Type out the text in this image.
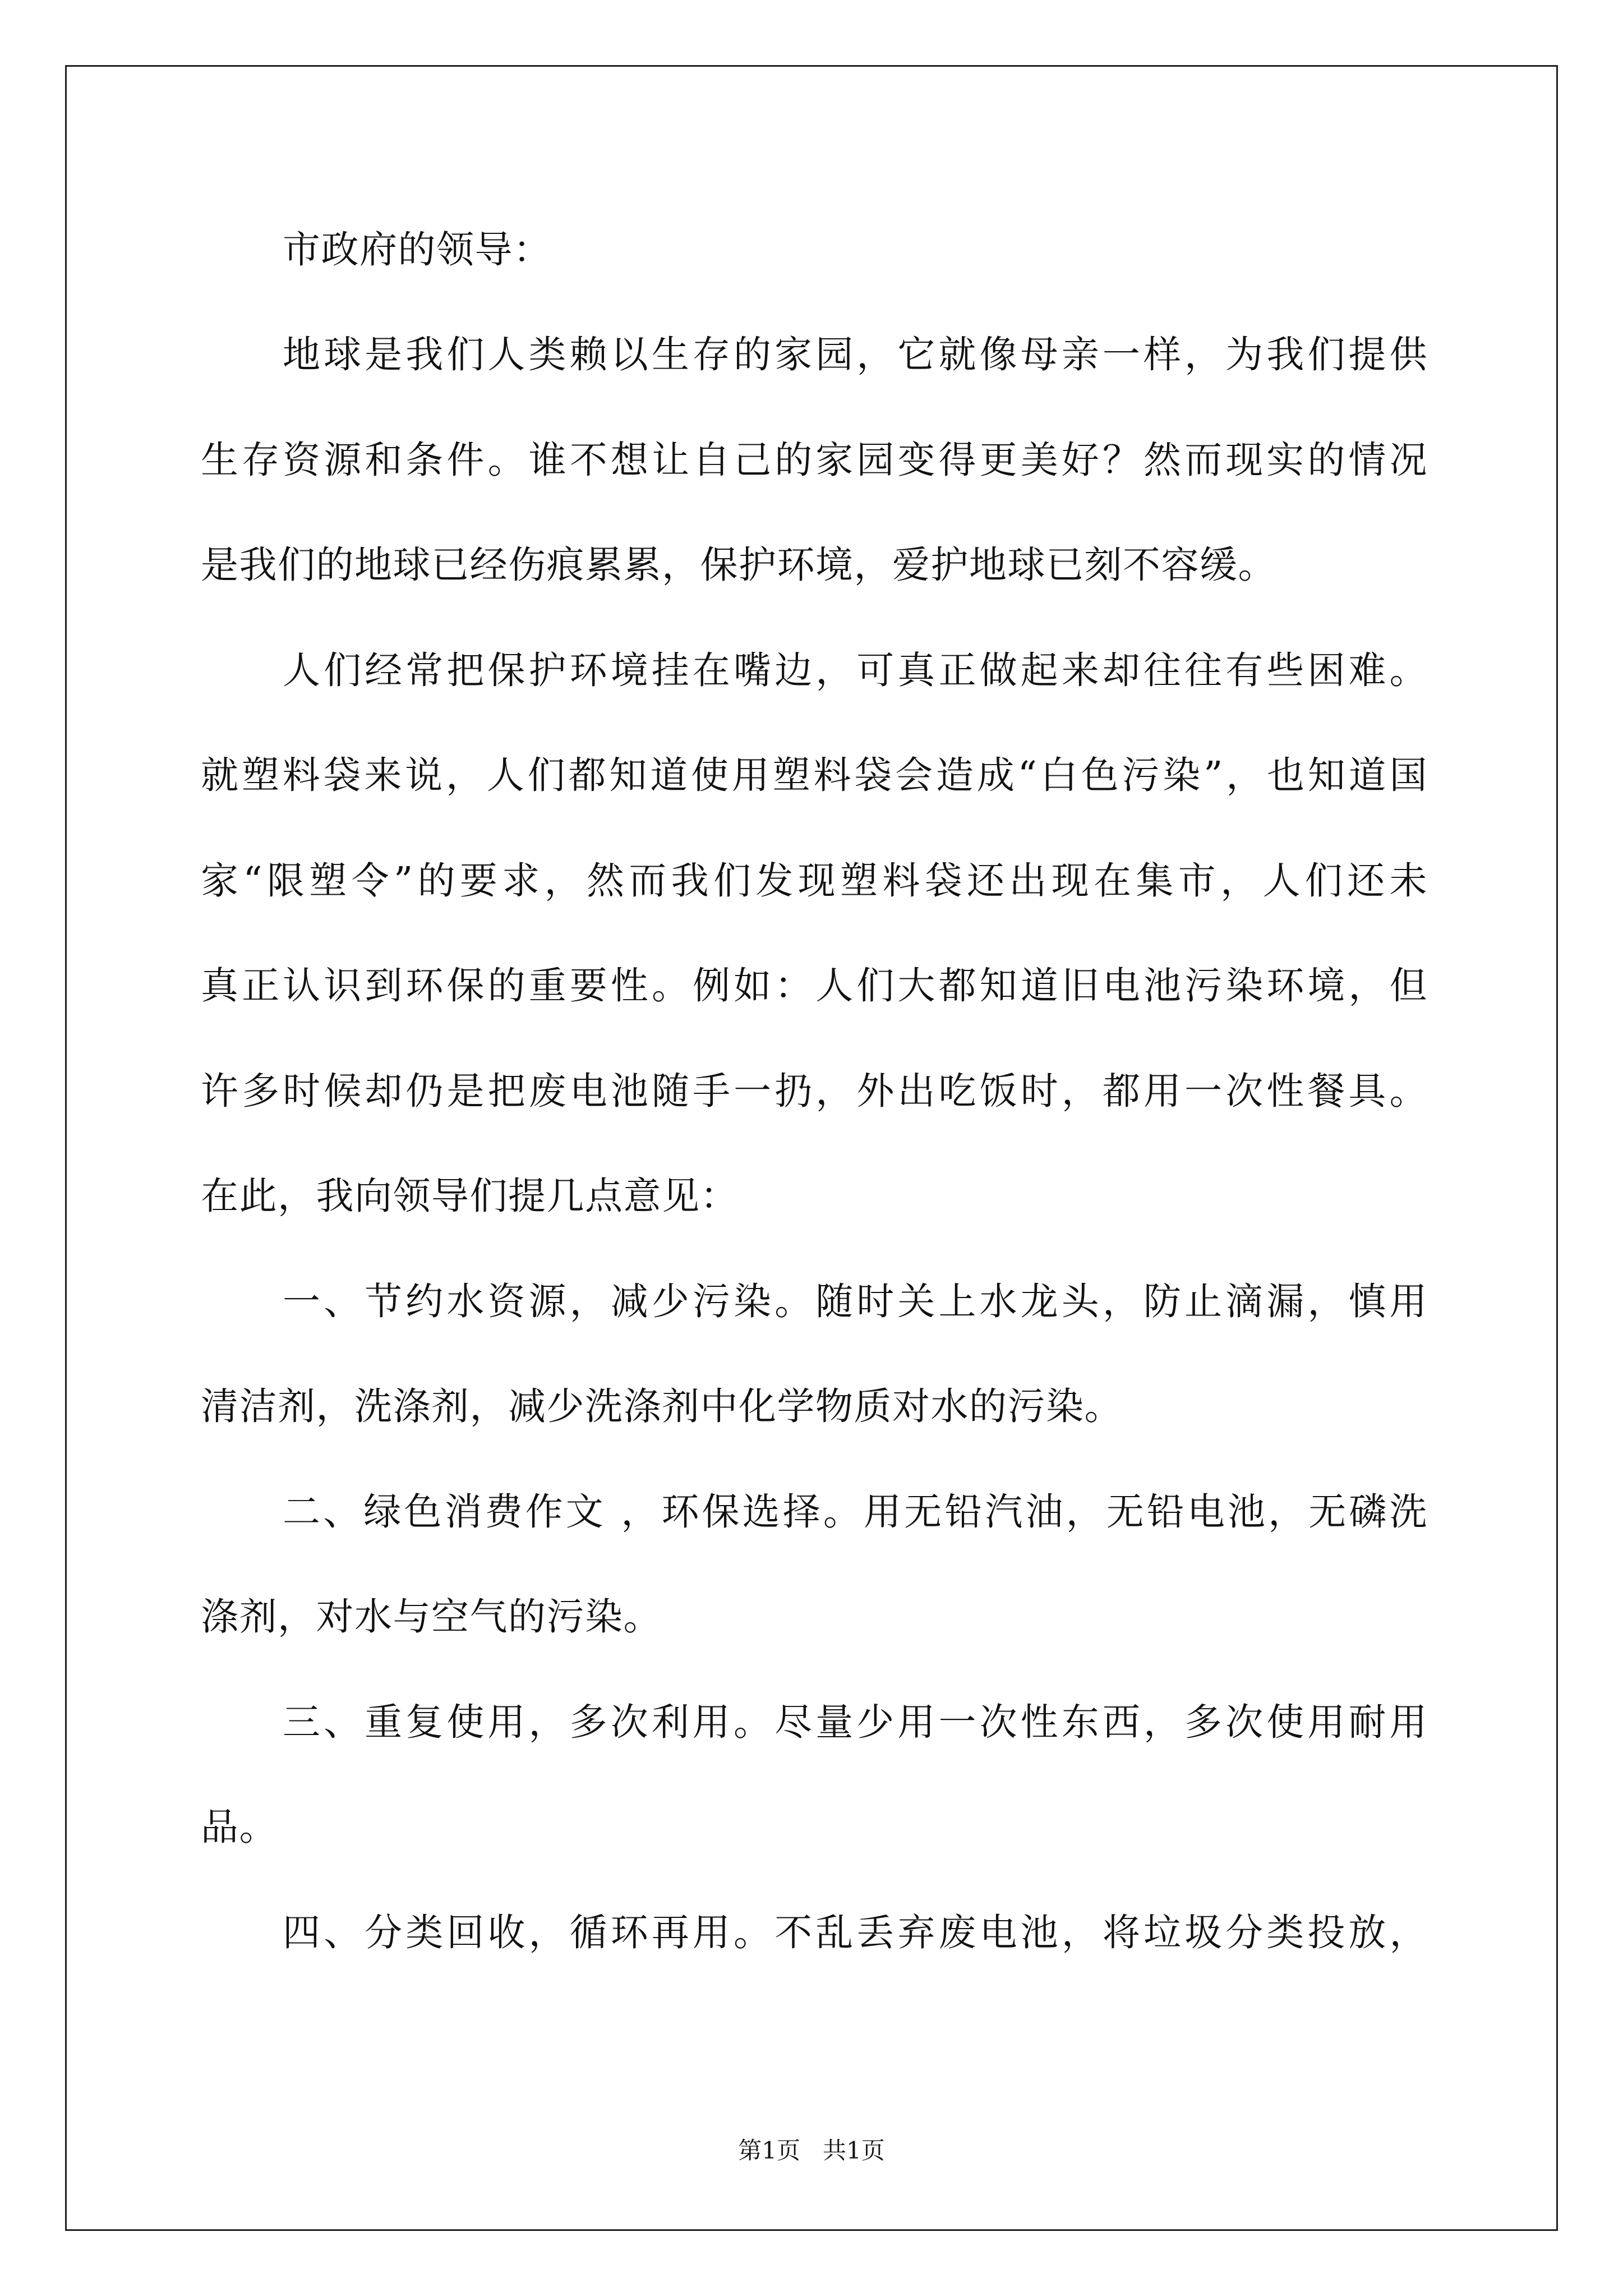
市政府的领导：
地球是我们人类赖以生存的家园，它就像母亲一样，为我们提供
生存资源和条件。谁不想让自己的家园变得更美好？然而现实的情况
是我们的地球已经伤痕累累，保护环境，爱护地球已刻不容缓。
人们经常把保护环境挂在嘴边，可真正做起来却往往有些困难。
就塑料袋来说，人们都知道使用塑料袋会造成“白色污染”，也知道国
家“限塑令”的要求，然而我们发现塑料袋还出现在集市，人们还未
真正认识到环保的重要性。例如：人们大都知道旧电池污染环境，但
许多时候却仍是把废电池随手一扔，外出吃饭时，都用一次性餐具。
在此，我向领导们提几点意见：
一、节约水资源，减少污染。随时关上水龙头，防止滴漏，慎用
清洁剂，洗涤剂，减少洗涤剂中化学物质对水的污染。
二、绿色消费作文 ，环保选择。用无铅汽油，无铅电池，无磷洗
涤剂，对水与空气的污染。
三、重复使用，多次利用。尽量少用一次性东西，多次使用耐用
品。
四、分类回收，循环再用。不乱丢弃废电池，将垃圾分类投放，
第1页 共1页
